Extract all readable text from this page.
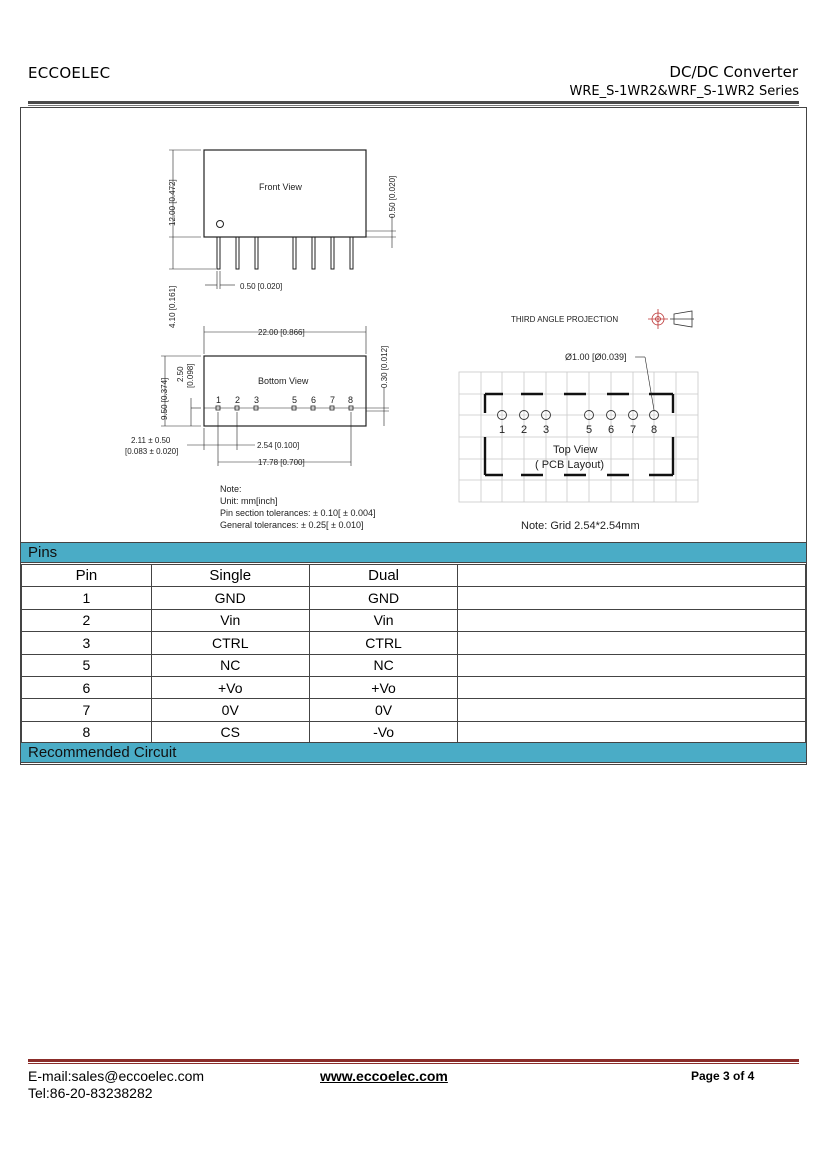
ECCOELEC	DC/DC Converter
WRE_S-1WR2&WRF_S-1WR2 Series
Front View
Bottom View
12.00 [0.472]
4.10 [0.161]	0.50 [0.020]
0.50 [0.020]
22.00 [0.866]
9.50 [0.374]
2.50 [0.098]	0.30 [0.012]
2.11 ± 0.50
[0.083 ± 0.020]
2.54 [0.100]
17.78 [0.700]
1 2 3	5 6 7 8
Note:
Unit: mm[inch]
Pin section tolerances: ± 0.10[ ± 0.004]
General tolerances: ± 0.25[ ± 0.010]
THIRD ANGLE PROJECTION
Ø1.00 [Ø0.039]
1 2 3	5 6 7 8
Top View
( PCB Layout)
Note: Grid 2.54*2.54mm
Pins
Pin	Single	Dual	
1	GND	GND	
2	Vin	Vin	
3	CTRL	CTRL	
5	NC	NC	
6	+Vo	+Vo	
7	0V	0V	
8	CS	-Vo	
Recommended Circuit
E-mail:sales@eccoelec.com
Tel:86-20-83238282
www.eccoelec.com	Page 3 of 4
